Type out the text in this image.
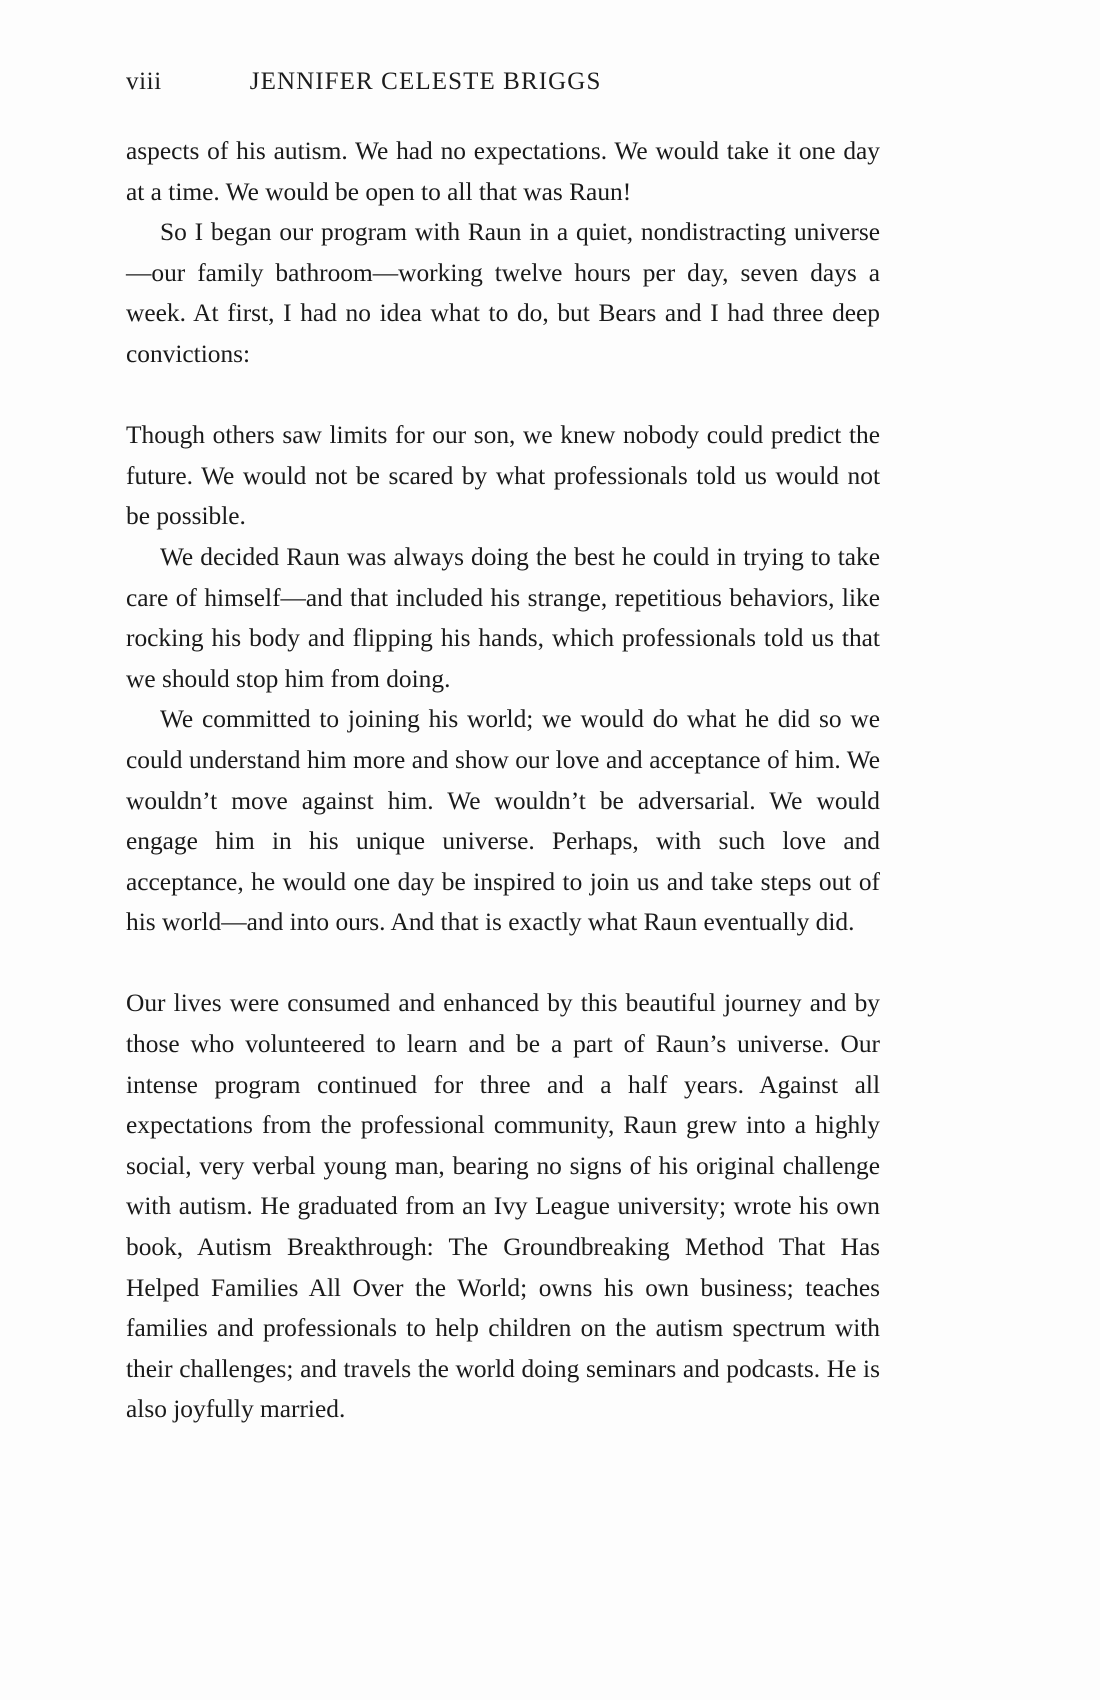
viii	JENNIFER CELESTE BRIGGS

aspects of his autism. We had no expectations. We would take it one day at a time. We would be open to all that was Raun!

So I began our program with Raun in a quiet, nondistracting universe—our family bathroom—working twelve hours per day, seven days a week. At first, I had no idea what to do, but Bears and I had three deep convictions:

Though others saw limits for our son, we knew nobody could predict the future. We would not be scared by what professionals told us would not be possible.

We decided Raun was always doing the best he could in trying to take care of himself—and that included his strange, repetitious behaviors, like rocking his body and flipping his hands, which professionals told us that we should stop him from doing.

We committed to joining his world; we would do what he did so we could understand him more and show our love and acceptance of him. We wouldn’t move against him. We wouldn’t be adversarial. We would engage him in his unique universe. Perhaps, with such love and acceptance, he would one day be inspired to join us and take steps out of his world—and into ours. And that is exactly what Raun eventually did.

Our lives were consumed and enhanced by this beautiful journey and by those who volunteered to learn and be a part of Raun’s universe. Our intense program continued for three and a half years. Against all expectations from the professional community, Raun grew into a highly social, very verbal young man, bearing no signs of his original challenge with autism. He graduated from an Ivy League university; wrote his own book, Autism Breakthrough: The Groundbreaking Method That Has Helped Families All Over the World; owns his own business; teaches families and professionals to help children on the autism spectrum with their challenges; and travels the world doing seminars and podcasts. He is also joyfully married.
